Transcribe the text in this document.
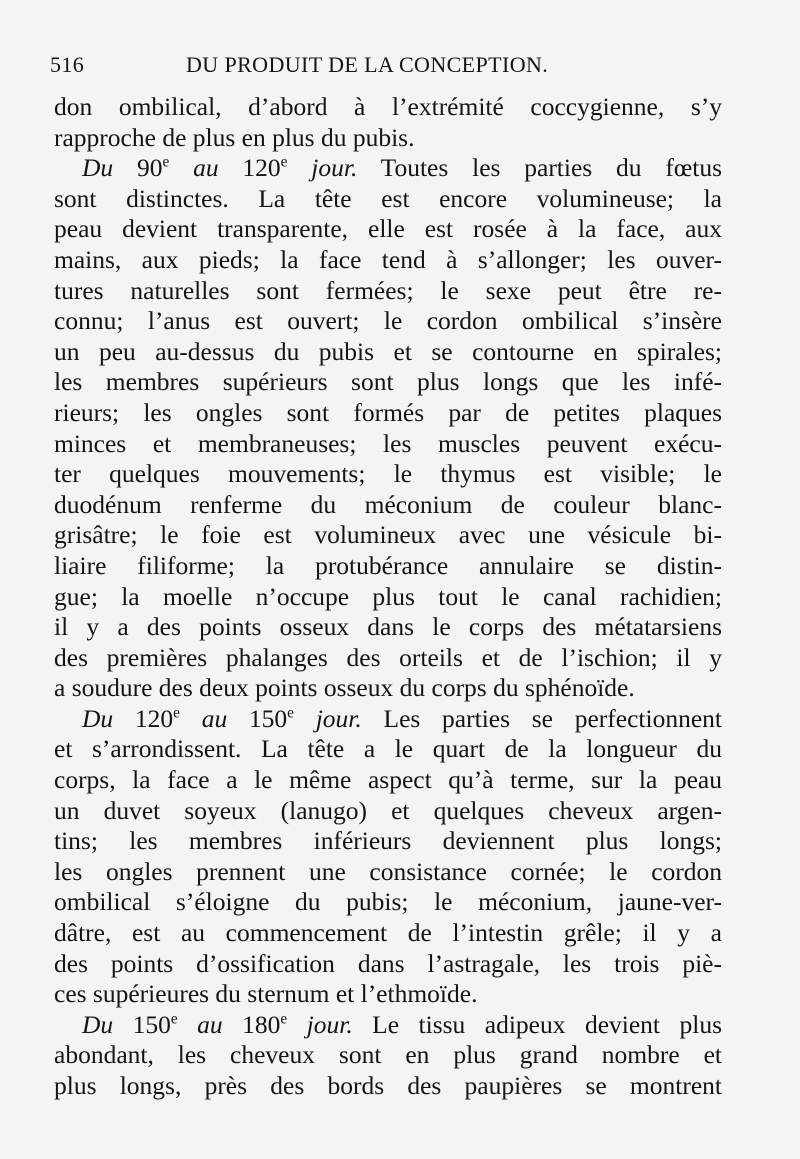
516	DU PRODUIT DE LA CONCEPTION.
don ombilical, d’abord à l’extrémité coccygienne, s’y
rapproche de plus en plus du pubis.
Du 90e au 120e jour. Toutes les parties du fœtus
sont distinctes. La tête est encore volumineuse; la
peau devient transparente, elle est rosée à la face, aux
mains, aux pieds; la face tend à s’allonger; les ouver-
tures naturelles sont fermées; le sexe peut être re-
connu; l’anus est ouvert; le cordon ombilical s’insère
un peu au-dessus du pubis et se contourne en spirales;
les membres supérieurs sont plus longs que les infé-
rieurs; les ongles sont formés par de petites plaques
minces et membraneuses; les muscles peuvent exécu-
ter quelques mouvements; le thymus est visible; le
duodénum renferme du méconium de couleur blanc-
grisâtre; le foie est volumineux avec une vésicule bi-
liaire filiforme; la protubérance annulaire se distin-
gue; la moelle n’occupe plus tout le canal rachidien;
il y a des points osseux dans le corps des métatarsiens
des premières phalanges des orteils et de l’ischion; il y
a soudure des deux points osseux du corps du sphénoïde.
Du 120e au 150e jour. Les parties se perfectionnent
et s’arrondissent. La tête a le quart de la longueur du
corps, la face a le même aspect qu’à terme, sur la peau
un duvet soyeux (lanugo) et quelques cheveux argen-
tins; les membres inférieurs deviennent plus longs;
les ongles prennent une consistance cornée; le cordon
ombilical s’éloigne du pubis; le méconium, jaune-ver-
dâtre, est au commencement de l’intestin grêle; il y a
des points d’ossification dans l’astragale, les trois piè-
ces supérieures du sternum et l’ethmoïde.
Du 150e au 180e jour. Le tissu adipeux devient plus
abondant, les cheveux sont en plus grand nombre et
plus longs, près des bords des paupières se montrent
